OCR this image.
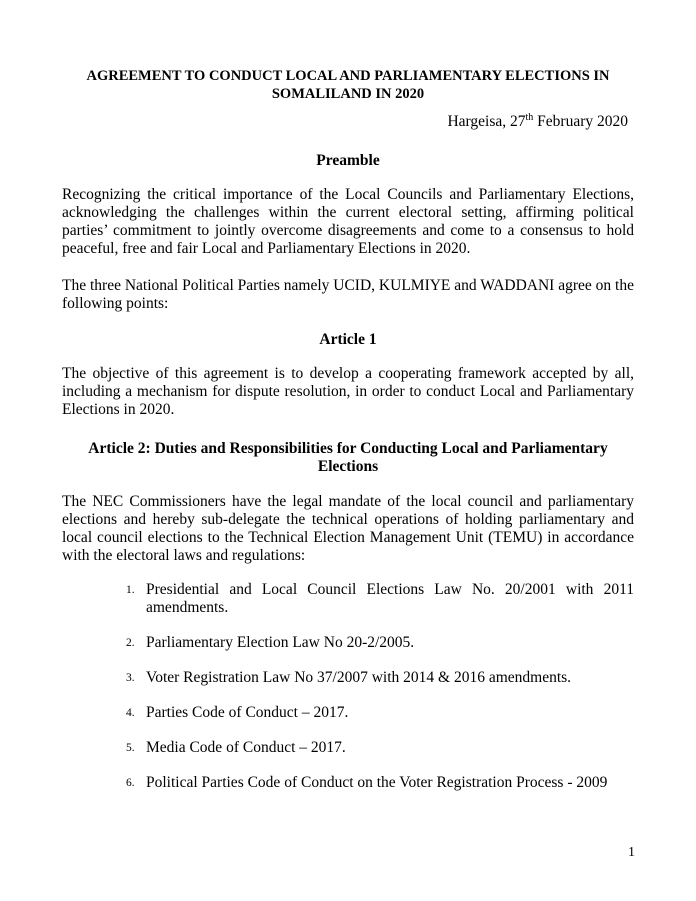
AGREEMENT TO CONDUCT LOCAL AND PARLIAMENTARY ELECTIONS IN SOMALILAND IN 2020

Hargeisa, 27th February 2020

Preamble

Recognizing the critical importance of the Local Councils and Parliamentary Elections, acknowledging the challenges within the current electoral setting, affirming political parties’ commitment to jointly overcome disagreements and come to a consensus to hold peaceful, free and fair Local and Parliamentary Elections in 2020.

The three National Political Parties namely UCID, KULMIYE and WADDANI agree on the following points:

Article 1

The objective of this agreement is to develop a cooperating framework accepted by all, including a mechanism for dispute resolution, in order to conduct Local and Parliamentary Elections in 2020.

Article 2: Duties and Responsibilities for Conducting Local and Parliamentary Elections

The NEC Commissioners have the legal mandate of the local council and parliamentary elections and hereby sub-delegate the technical operations of holding parliamentary and local council elections to the Technical Election Management Unit (TEMU) in accordance with the electoral laws and regulations:

1. Presidential and Local Council Elections Law No. 20/2001 with 2011 amendments.
2. Parliamentary Election Law No 20-2/2005.
3. Voter Registration Law No 37/2007 with 2014 & 2016 amendments.
4. Parties Code of Conduct – 2017.
5. Media Code of Conduct – 2017.
6. Political Parties Code of Conduct on the Voter Registration Process - 2009
1
